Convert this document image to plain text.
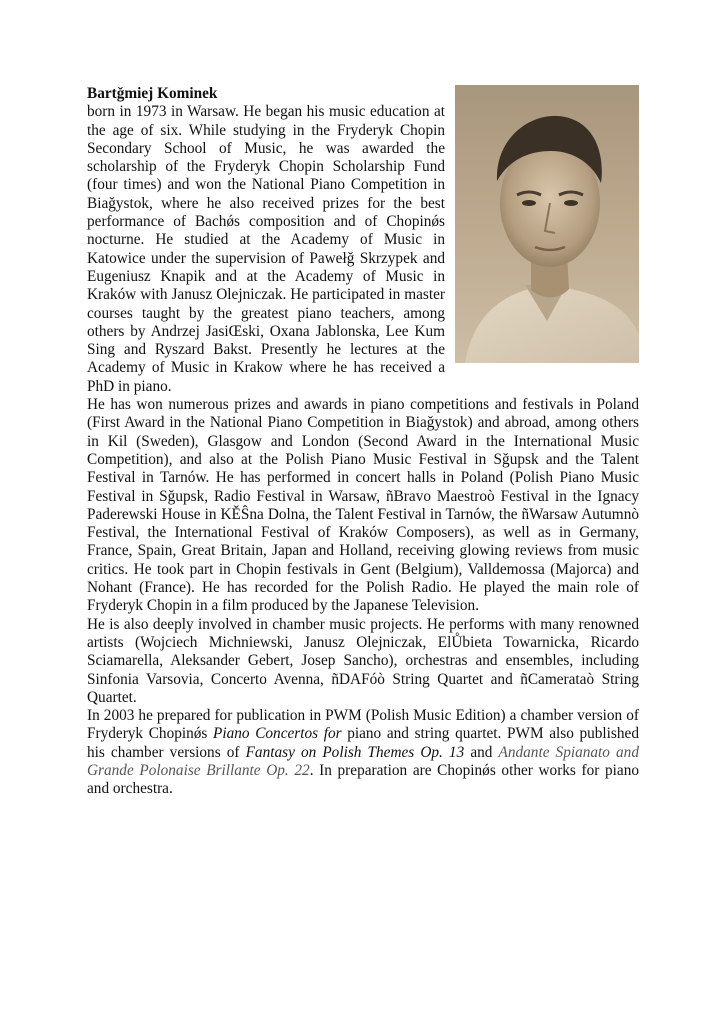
Bartǧmiej Kominek

born in 1973 in Warsaw. He began his music education at the age of six. While studying in the Fryderyk Chopin Secondary School of Music, he was awarded the scholarship of the Fryderyk Chopin Scholarship Fund (four times) and won the National Piano Competition in Biaǧystok, where he also received prizes for the best performance of Bachǿs composition and of Chopinǿs nocturne. He studied at the Academy of Music in Katowice under the supervision of Pawełǧ Skrzypek and Eugeniusz Knapik and at the Academy of Music in Kraków with Janusz Olejniczak. He participated in master courses taught by the greatest piano teachers, among others by Andrzej JasiŒski, Oxana Jablonska, Lee Kum Sing and Ryszard Bakst. Presently he lectures at the Academy of Music in Krakow where he has received a PhD in piano.

He has won numerous prizes and awards in piano competitions and festivals in Poland (First Award in the National Piano Competition in Biaǧystok) and abroad, among others in Kil (Sweden), Glasgow and London (Second Award in the International Music Competition), and also at the Polish Piano Music Festival in Sǧupsk and the Talent Festival in Tarnów. He has performed in concert halls in Poland (Polish Piano Music Festival in Sǧupsk, Radio Festival in Warsaw, ñBravo Maestroò Festival in the Ignacy Paderewski House in KĚŜna Dolna, the Talent Festival in Tarnów, the ñWarsaw Autumnò Festival, the International Festival of Kraków Composers), as well as in Germany, France, Spain, Great Britain, Japan and Holland, receiving glowing reviews from music critics. He took part in Chopin festivals in Gent (Belgium), Valldemossa (Majorca) and Nohant (France). He has recorded for the Polish Radio. He played the main role of Fryderyk Chopin in a film produced by the Japanese Television.

He is also deeply involved in chamber music projects. He performs with many renowned artists (Wojciech Michniewski, Janusz Olejniczak, ElŮbieta Towarnicka, Ricardo Sciamarella, Aleksander Gebert, Josep Sancho), orchestras and ensembles, including Sinfonia Varsovia, Concerto Avenna, ñDAFóò String Quartet and ñCamerataò String Quartet.

In 2003 he prepared for publication in PWM (Polish Music Edition) a chamber version of Fryderyk Chopinǿs Piano Concertos for piano and string quartet. PWM also published his chamber versions of Fantasy on Polish Themes Op. 13 and Andante Spianato and Grande Polonaise Brillante Op. 22. In preparation are Chopinǿs other works for piano and orchestra.
